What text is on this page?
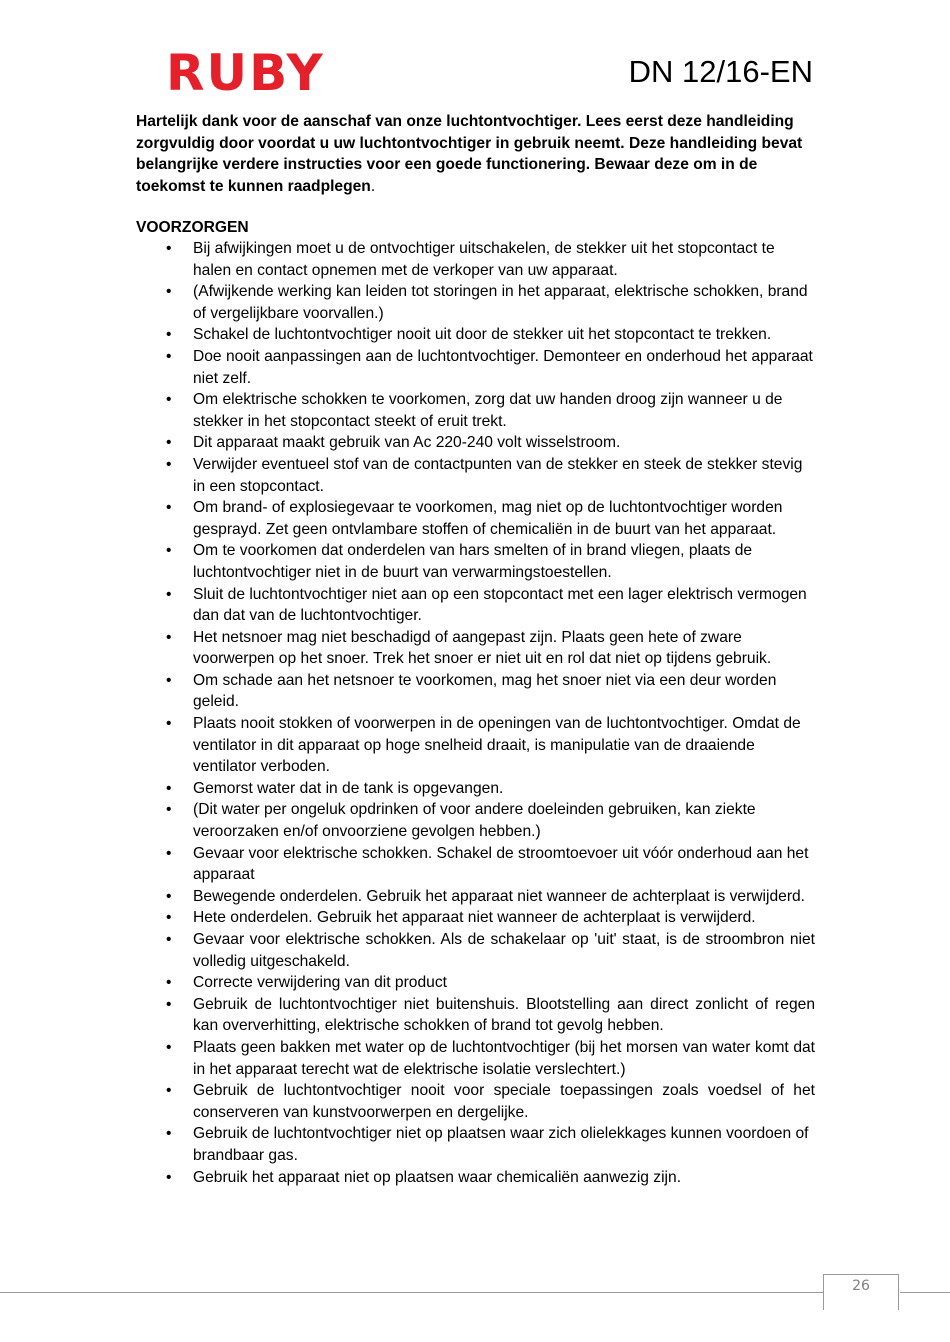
RUBY	DN 12/16-EN
Hartelijk dank voor de aanschaf van onze luchtontvochtiger. Lees eerst deze handleiding zorgvuldig door voordat u uw luchtontvochtiger in gebruik neemt. Deze handleiding bevat belangrijke verdere instructies voor een goede functionering. Bewaar deze om in de toekomst te kunnen raadplegen.
VOORZORGEN
• Bij afwijkingen moet u de ontvochtiger uitschakelen, de stekker uit het stopcontact te halen en contact opnemen met de verkoper van uw apparaat.
• (Afwijkende werking kan leiden tot storingen in het apparaat, elektrische schokken, brand of vergelijkbare voorvallen.)
• Schakel de luchtontvochtiger nooit uit door de stekker uit het stopcontact te trekken.
• Doe nooit aanpassingen aan de luchtontvochtiger. Demonteer en onderhoud het apparaat niet zelf.
• Om elektrische schokken te voorkomen, zorg dat uw handen droog zijn wanneer u de stekker in het stopcontact steekt of eruit trekt.
• Dit apparaat maakt gebruik van Ac 220-240 volt wisselstroom.
• Verwijder eventueel stof van de contactpunten van de stekker en steek de stekker stevig in een stopcontact.
• Om brand- of explosiegevaar te voorkomen, mag niet op de luchtontvochtiger worden gesprayd. Zet geen ontvlambare stoffen of chemicaliën in de buurt van het apparaat.
• Om te voorkomen dat onderdelen van hars smelten of in brand vliegen, plaats de luchtontvochtiger niet in de buurt van verwarmingstoestellen.
• Sluit de luchtontvochtiger niet aan op een stopcontact met een lager elektrisch vermogen dan dat van de luchtontvochtiger.
• Het netsnoer mag niet beschadigd of aangepast zijn. Plaats geen hete of zware voorwerpen op het snoer. Trek het snoer er niet uit en rol dat niet op tijdens gebruik.
• Om schade aan het netsnoer te voorkomen, mag het snoer niet via een deur worden geleid.
• Plaats nooit stokken of voorwerpen in de openingen van de luchtontvochtiger. Omdat de ventilator in dit apparaat op hoge snelheid draait, is manipulatie van de draaiende ventilator verboden.
• Gemorst water dat in de tank is opgevangen.
• (Dit water per ongeluk opdrinken of voor andere doeleinden gebruiken, kan ziekte veroorzaken en/of onvoorziene gevolgen hebben.)
• Gevaar voor elektrische schokken. Schakel de stroomtoevoer uit vóór onderhoud aan het apparaat
• Bewegende onderdelen. Gebruik het apparaat niet wanneer de achterplaat is verwijderd.
• Hete onderdelen. Gebruik het apparaat niet wanneer de achterplaat is verwijderd.
• Gevaar voor elektrische schokken. Als de schakelaar op 'uit' staat, is de stroombron niet volledig uitgeschakeld.
• Correcte verwijdering van dit product
• Gebruik de luchtontvochtiger niet buitenshuis. Blootstelling aan direct zonlicht of regen kan oververhitting, elektrische schokken of brand tot gevolg hebben.
• Plaats geen bakken met water op de luchtontvochtiger (bij het morsen van water komt dat in het apparaat terecht wat de elektrische isolatie verslechtert.)
• Gebruik de luchtontvochtiger nooit voor speciale toepassingen zoals voedsel of het conserveren van kunstvoorwerpen en dergelijke.
• Gebruik de luchtontvochtiger niet op plaatsen waar zich olielekkages kunnen voordoen of brandbaar gas.
• Gebruik het apparaat niet op plaatsen waar chemicaliën aanwezig zijn.
26
